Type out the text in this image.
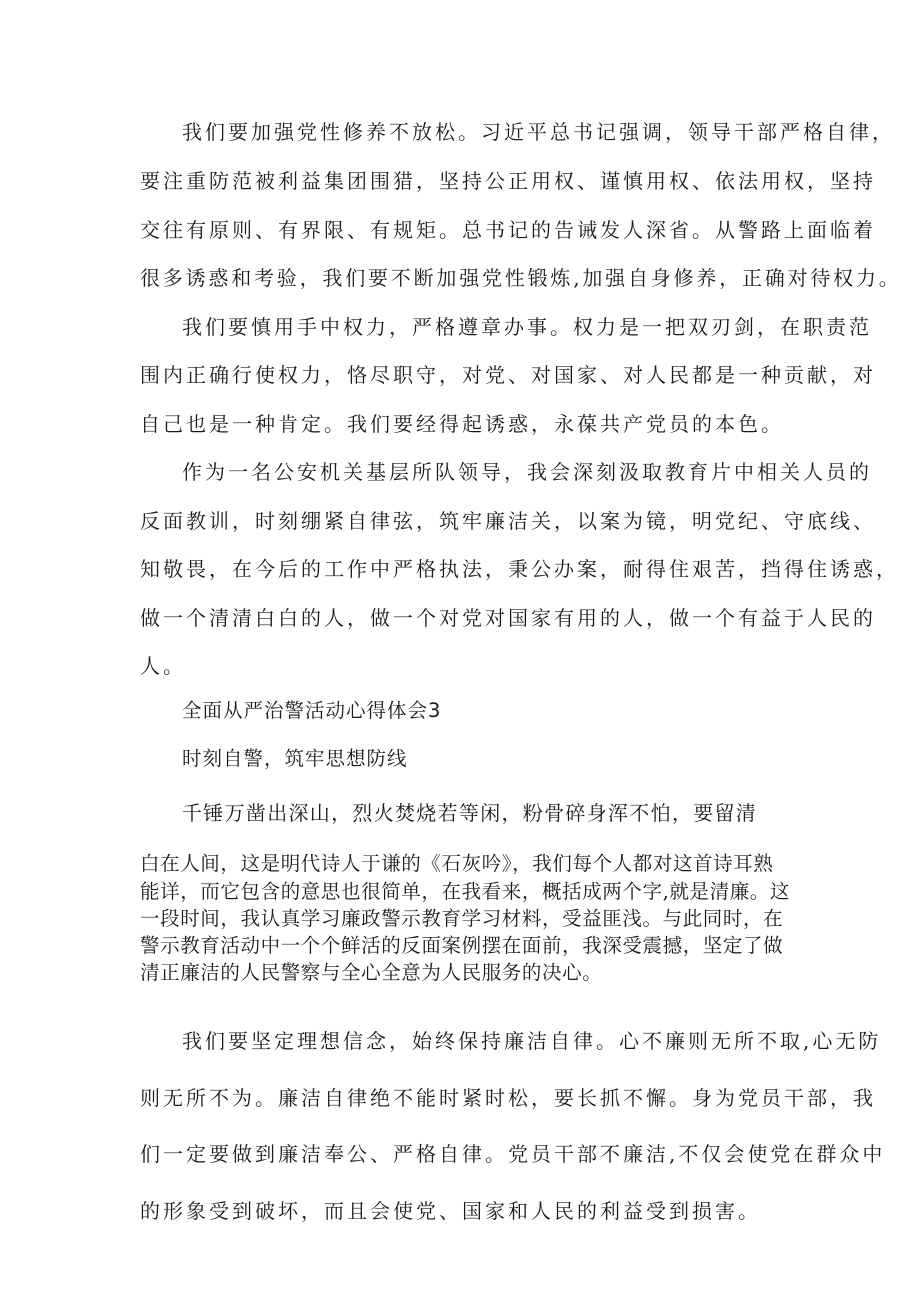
我们要加强党性修养不放松。习近平总书记强调，领导干部严格自律，

要注重防范被利益集团围猎，坚持公正用权、谨慎用权、依法用权，坚持

交往有原则、有界限、有规矩。总书记的告诫发人深省。从警路上面临着

很多诱惑和考验，我们要不断加强党性锻炼,加强自身修养，正确对待权力。

我们要慎用手中权力，严格遵章办事。权力是一把双刃剑，在职责范

围内正确行使权力，恪尽职守，对党、对国家、对人民都是一种贡献，对

自己也是一种肯定。我们要经得起诱惑，永葆共产党员的本色。

作为一名公安机关基层所队领导，我会深刻汲取教育片中相关人员的

反面教训，时刻绷紧自律弦，筑牢廉洁关，以案为镜，明党纪、守底线、

知敬畏，在今后的工作中严格执法，秉公办案，耐得住艰苦，挡得住诱惑，

做一个清清白白的人，做一个对党对国家有用的人，做一个有益于人民的

人。

全面从严治警活动心得体会3

时刻自警，筑牢思想防线

千锤万凿出深山，烈火焚烧若等闲，粉骨碎身浑不怕，要留清

白在人间，这是明代诗人于谦的《石灰吟》，我们每个人都对这首诗耳熟

能详，而它包含的意思也很简单，在我看来，概括成两个字,就是清廉。这

一段时间，我认真学习廉政警示教育学习材料，受益匪浅。与此同时，在

警示教育活动中一个个鲜活的反面案例摆在面前，我深受震撼，坚定了做

清正廉洁的人民警察与全心全意为人民服务的决心。

我们要坚定理想信念，始终保持廉洁自律。心不廉则无所不取,心无防

则无所不为。廉洁自律绝不能时紧时松，要长抓不懈。身为党员干部，我

们一定要做到廉洁奉公、严格自律。党员干部不廉洁,不仅会使党在群众中

的形象受到破坏，而且会使党、国家和人民的利益受到损害。
